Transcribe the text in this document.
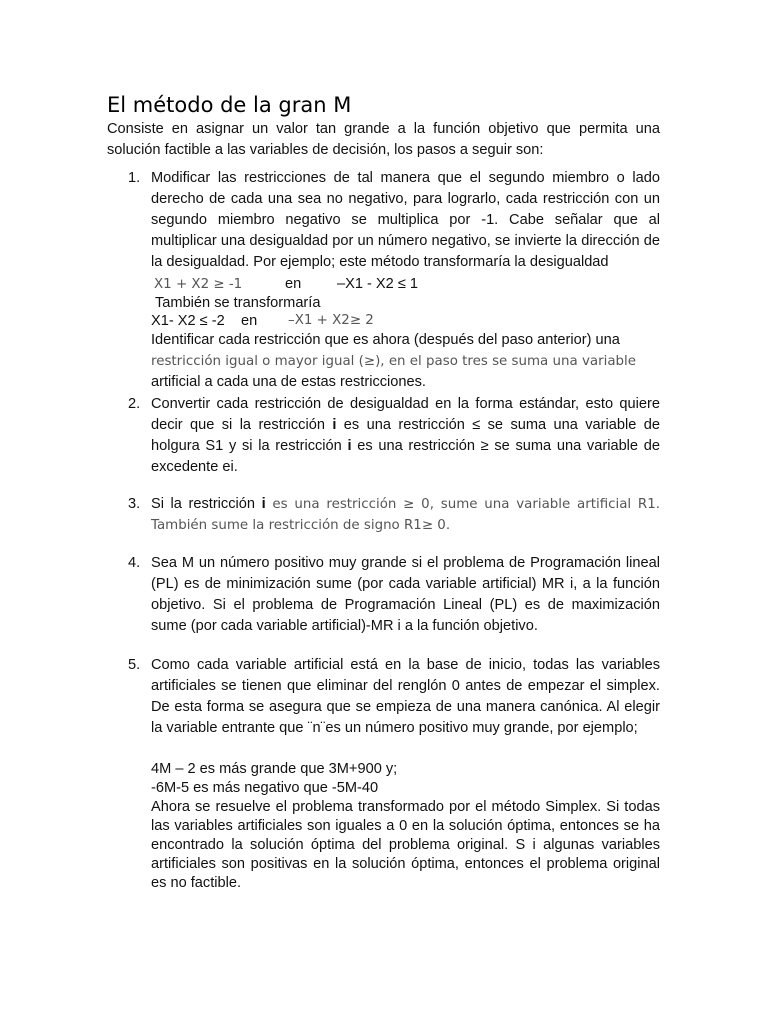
El método de la gran M
Consiste en asignar un valor tan grande a la función objetivo que permita una solución factible a las variables de decisión, los pasos a seguir son:
1. Modificar las restricciones de tal manera que el segundo miembro o lado derecho de cada una sea no negativo, para lograrlo, cada restricción con un segundo miembro negativo se multiplica por -1. Cabe señalar que al multiplicar una desigualdad por un número negativo, se invierte la dirección de la desigualdad. Por ejemplo; este método transformaría la desigualdad
X1 + X2 ≥ -1	en –X1 - X2 ≤ 1
También se transformaría
X1- X2 ≤ -2 en –X1 + X2≥ 2
Identificar cada restricción que es ahora (después del paso anterior) una
restricción igual o mayor igual (≥), en el paso tres se suma una variable
artificial a cada una de estas restricciones.
2. Convertir cada restricción de desigualdad en la forma estándar, esto quiere decir que si la restricción i es una restricción ≤ se suma una variable de holgura S1 y si la restricción i es una restricción ≥ se suma una variable de excedente ei.
3. Si la restricción i es una restricción ≥ 0, sume una variable artificial R1. También sume la restricción de signo R1≥ 0.
4. Sea M un número positivo muy grande si el problema de Programación lineal (PL) es de minimización sume (por cada variable artificial) MR i, a la función objetivo. Si el problema de Programación Lineal (PL) es de maximización sume (por cada variable artificial)-MR i a la función objetivo.
5. Como cada variable artificial está en la base de inicio, todas las variables artificiales se tienen que eliminar del renglón 0 antes de empezar el simplex. De esta forma se asegura que se empieza de una manera canónica. Al elegir la variable entrante que ¨n¨es un número positivo muy grande, por ejemplo;
4M – 2 es más grande que 3M+900 y;
-6M-5 es más negativo que -5M-40
Ahora se resuelve el problema transformado por el método Simplex. Si todas las variables artificiales son iguales a 0 en la solución óptima, entonces se ha encontrado la solución óptima del problema original. S i algunas variables artificiales son positivas en la solución óptima, entonces el problema original es no factible.
